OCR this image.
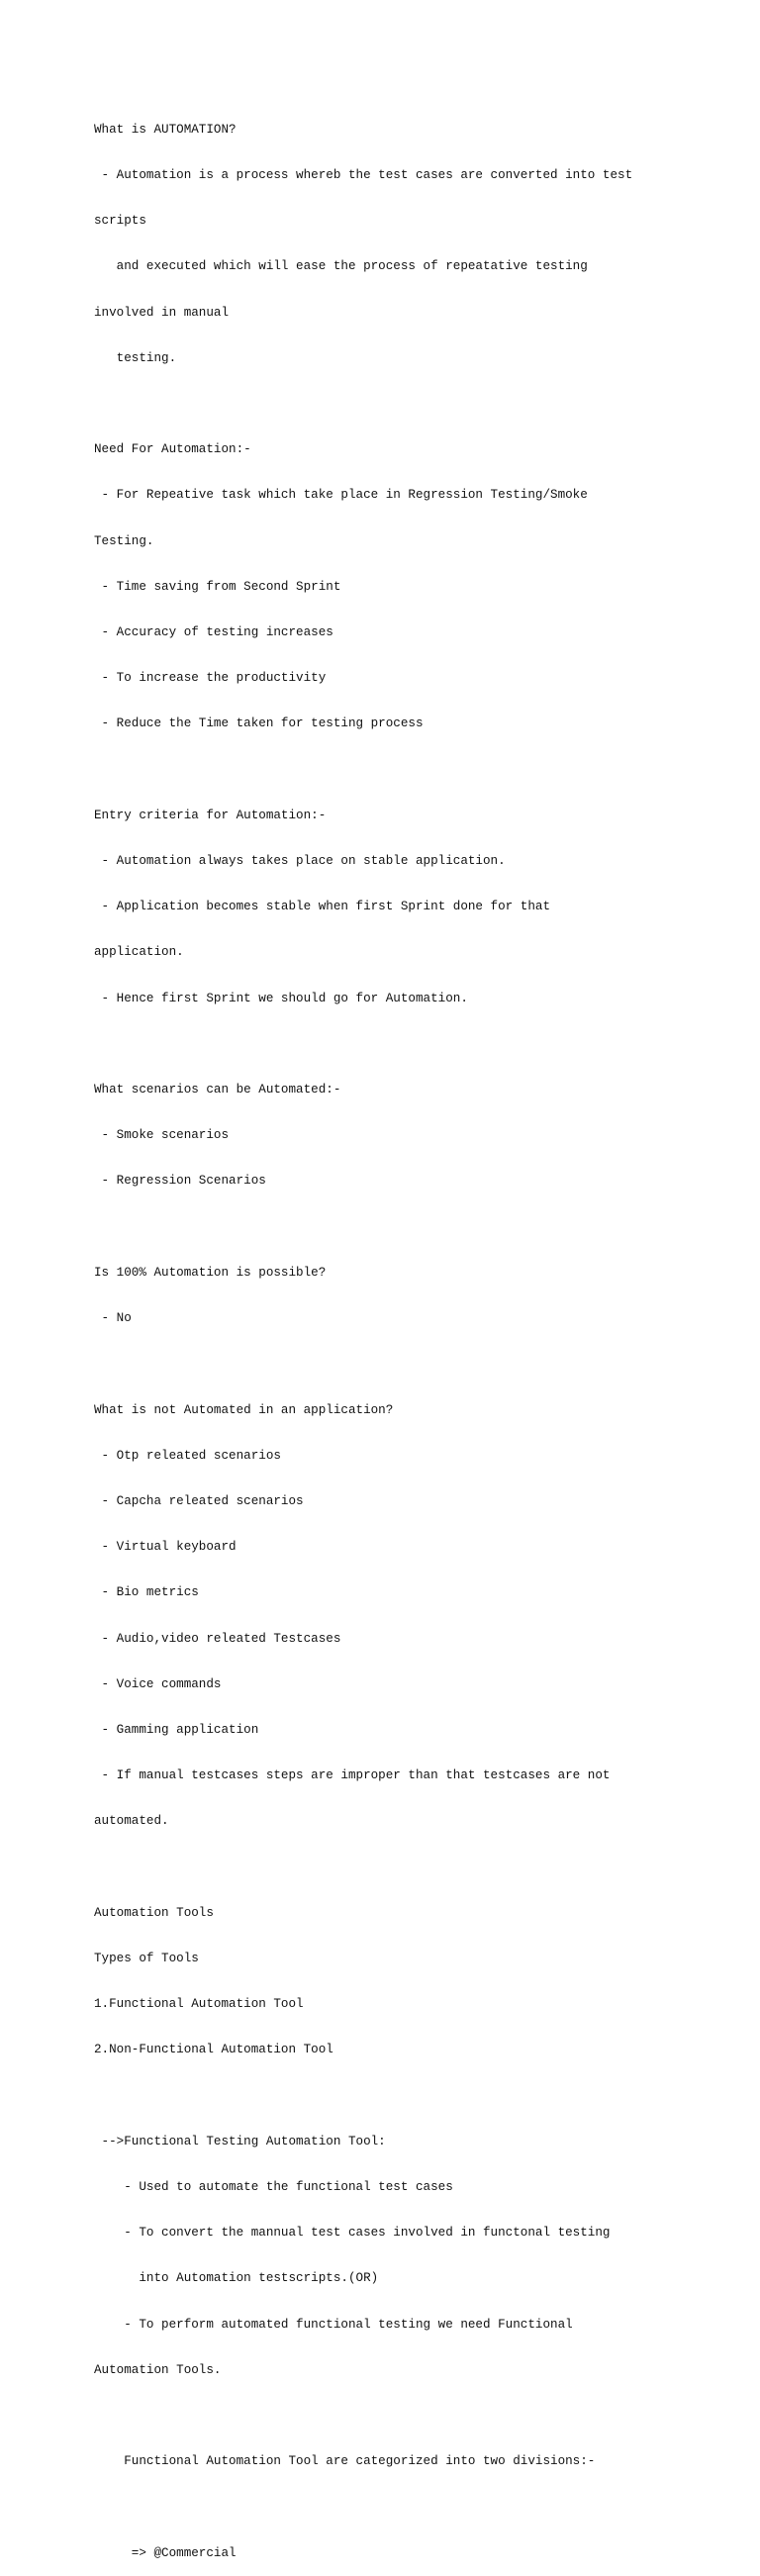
What is AUTOMATION?

- Automation is a process whereb the test cases are converted into test

scripts

and executed which will ease the process of repeatative testing

involved in manual

testing.

Need For Automation:-

- For Repeative task which take place in Regression Testing/Smoke

Testing.

- Time saving from Second Sprint

- Accuracy of testing increases

- To increase the productivity

- Reduce the Time taken for testing process

Entry criteria for Automation:-

- Automation always takes place on stable application.

- Application becomes stable when first Sprint done for that

application.

- Hence first Sprint we should go for Automation.

What scenarios can be Automated:-

- Smoke scenarios

- Regression Scenarios

Is 100% Automation is possible?

- No

What is not Automated in an application?

- Otp releated scenarios

- Capcha releated scenarios

- Virtual keyboard

- Bio metrics

- Audio,video releated Testcases

- Voice commands

- Gamming application

- If manual testcases steps are improper than that testcases are not

automated.

Automation Tools

Types of Tools

1.Functional Automation Tool

2.Non-Functional Automation Tool

-->Functional Testing Automation Tool:

- Used to automate the functional test cases

- To convert the mannual test cases involved in functonal testing

into Automation testscripts.(OR)

- To perform automated functional testing we need Functional

Automation Tools.

Functional Automation Tool are categorized into two divisions:-

=> @Commercial
